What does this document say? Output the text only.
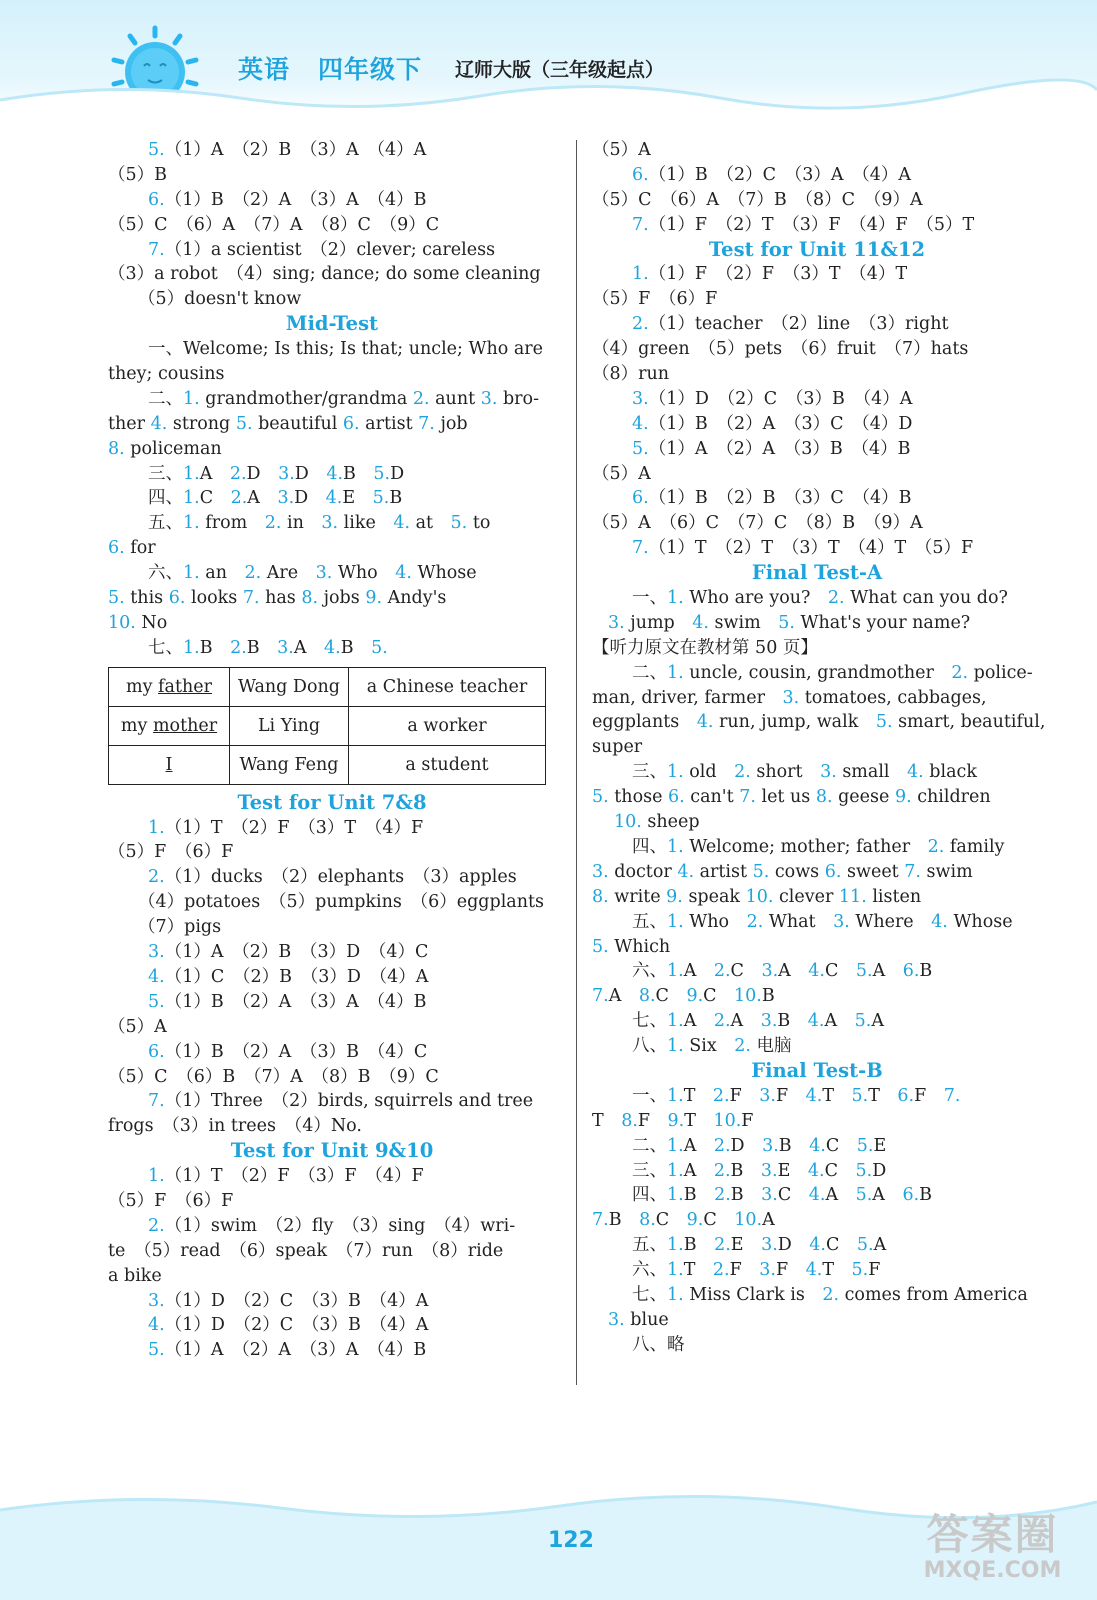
英语 四年级下 辽师大版（三年级起点）
5.（1）A　（2）B　（3）A　（4）A
（5）B
6.（1）B　（2）A　（3）A　（4）B
（5）C　（6）A　（7）A　（8）C　（9）C
7.（1）a scientist　（2）clever; careless
（3）a robot　（4）sing; dance; do some cleaning
（5）doesn't know
Mid-Test
一、Welcome; Is this; Is that; uncle; Who are
they; cousins
二、1. grandmother/grandma 2. aunt 3. bro-
ther 4. strong 5. beautiful 6. artist 7. job
8. policeman
三、1.A　2.D　3.D　4.B　5.D
四、1.C　2.A　3.D　4.E　5.B
五、1. from　2. in　3. like　4. at　5. to
6. for
六、1. an　2. Are　3. Who　4. Whose
5. this 6. looks 7. has 8. jobs 9. Andy's
10. No
七、1.B　2.B　3.A　4.B　5.
my father	Wang Dong	a Chinese teacher
my mother	Li Ying	a worker
I	Wang Feng	a student
Test for Unit 7&8
1.（1）T　（2）F　（3）T　（4）F
（5）F　（6）F
2.（1）ducks　（2）elephants　（3）apples
（4）potatoes　（5）pumpkins　（6）eggplants
（7）pigs
3.（1）A　（2）B　（3）D　（4）C
4.（1）C　（2）B　（3）D　（4）A
5.（1）B　（2）A　（3）A　（4）B
（5）A
6.（1）B　（2）A　（3）B　（4）C
（5）C　（6）B　（7）A　（8）B　（9）C
7.（1）Three　（2）birds, squirrels and tree
frogs　（3）in trees　（4）No.
Test for Unit 9&10
1.（1）T　（2）F　（3）F　（4）F
（5）F　（6）F
2.（1）swim　（2）fly　（3）sing　（4）wri-
te　（5）read　（6）speak　（7）run　（8）ride
a bike
3.（1）D　（2）C　（3）B　（4）A
4.（1）D　（2）C　（3）B　（4）A
5.（1）A　（2）A　（3）A　（4）B
（5）A
6.（1）B　（2）C　（3）A　（4）A
（5）C　（6）A　（7）B　（8）C　（9）A
7.（1）F　（2）T　（3）F　（4）F　（5）T
Test for Unit 11&12
1.（1）F　（2）F　（3）T　（4）T
（5）F　（6）F
2.（1）teacher　（2）line　（3）right
（4）green　（5）pets　（6）fruit　（7）hats
（8）run
3.（1）D　（2）C　（3）B　（4）A
4.（1）B　（2）A　（3）C　（4）D
5.（1）A　（2）A　（3）B　（4）B
（5）A
6.（1）B　（2）B　（3）C　（4）B
（5）A　（6）C　（7）C　（8）B　（9）A
7.（1）T　（2）T　（3）T　（4）T　（5）F
Final Test-A
一、1. Who are you?　2. What can you do?
3. jump　4. swim　5. What's your name?
【听力原文在教材第 50 页】
二、1. uncle, cousin, grandmother　2. police-
man, driver, farmer　3. tomatoes, cabbages,
eggplants　4. run, jump, walk　5. smart, beautiful,
super
三、1. old　2. short　3. small　4. black
5. those 6. can't 7. let us 8. geese 9. children
10. sheep
四、1. Welcome; mother; father　2. family
3. doctor 4. artist 5. cows 6. sweet 7. swim
8. write 9. speak 10. clever 11. listen
五、1. Who　2. What　3. Where　4. Whose
5. Which
六、1.A　2.C　3.A　4.C　5.A　6.B
7.A　8.C　9.C　10.B
七、1.A　2.A　3.B　4.A　5.A
八、1. Six　2. 电脑
Final Test-B
一、1.T　2.F　3.F　4.T　5.T　6.F　7.
T　8.F　9.T　10.F
二、1.A　2.D　3.B　4.C　5.E
三、1.A　2.B　3.E　4.C　5.D
四、1.B　2.B　3.C　4.A　5.A　6.B
7.B　8.C　9.C　10.A
五、1.B　2.E　3.D　4.C　5.A
六、1.T　2.F　3.F　4.T　5.F
七、1. Miss Clark is　2. comes from America
3. blue
八、略
122	答案圈
MXQE.COM
